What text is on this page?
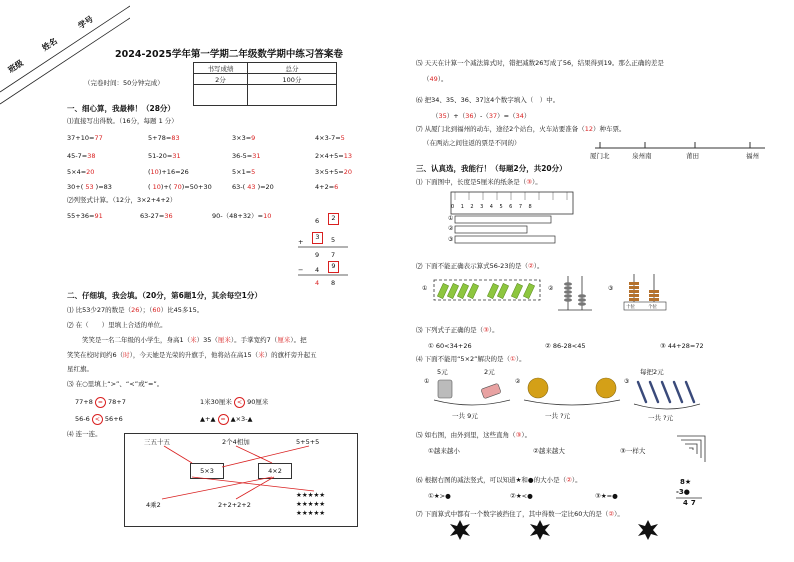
班级
姓名
学号
2024-2025学年第一学期二年级数学期中练习答案卷
（完卷时间：50分钟完成）
书写成绩	总分
2分	100分

一、细心算，我最棒！（28分）
⑴直接写出得数。（16分，每题 1 分）
37+10=77	5+78=83	3×3=9	4×3-7=5
45-7=38	51-20=31	36-5=31	2×4+5=13
5×4=20	(10)+16=26	5×1=5	3×5+5=20
30+( 53 )=83	( 10)+( 70)=50+30	63-( 43 )=20	4+2=6
⑵列竖式计算。（12分，3×2+4+2）
55+36=91	63-27=36	90-（48+32）=10
6	2
+
3	5
9 7
− 4	9
4 8
二、仔细填，我会填。（20分，第6题1分，其余每空1分）
⑴ 比53少27的数是（26）；（60）比45多15。
⑵ 在（　　）里填上合适的单位。
笑笑是一名二年级的小学生，身高1（米）35（厘米）。手掌宽约7（厘米）。把
笑笑在校时间约6（时），今天她是光荣的升旗手，他将站在高15（米）的旗杆旁升起五
星红旗。
⑶ 在○里填上“>”、“<”或“=”。
77+8 = 78+7	1米30厘米 < 90厘米
56-6 < 56+6	▲+▲ = ▲×3-▲
⑷ 连一连。
三五十五	2个4相加	5+5+5
5×3	4×2
4乘2	2+2+2+2
★★★★★
★★★★★
★★★★★
⑸ 天天在计算一个减法算式时，错把减数26写成了56，结果得到19。那么正确的差是
（49）。
⑹ 把34、35、36、37这4个数字填入（　）中。
（35）+（36）-（37）=（34）
⑺ 从厦门北到福州的动车，途径2个站台，火车站要准备（12）种车票。
（在两站之间往返的票是不同的）
厦门北	泉州南	莆田	福州
三、认真选，我能行！（每题2分，共20分）
⑴ 下面图中，长度是5厘米的纸条是（③）。
012345678
①
②
③
⑵ 下面不能正确表示算式56-23的是（②）。
①	②	③
十位	个位
⑶ 下列式子正确的是（③）。
① 60<34+26	② 86-28<45	③ 44+28=72
⑷ 下面不能用“5×2”解决的是（①）。
①
5元	2元
一共 9元
②
一共 ?元
③
每把2元
一共 ?元
⑸ 如右图，由外到里，这些直角（③）。
①越来越小	②越来越大	③一样大
⑹ 根据右图的减法竖式，可以知道★和●的大小是（②）。
①★>●	②★<●	③★=●
8★
-3●
47
⑺ 下面算式中都有一个数字被挡住了，其中得数一定比60大的是（②）。
